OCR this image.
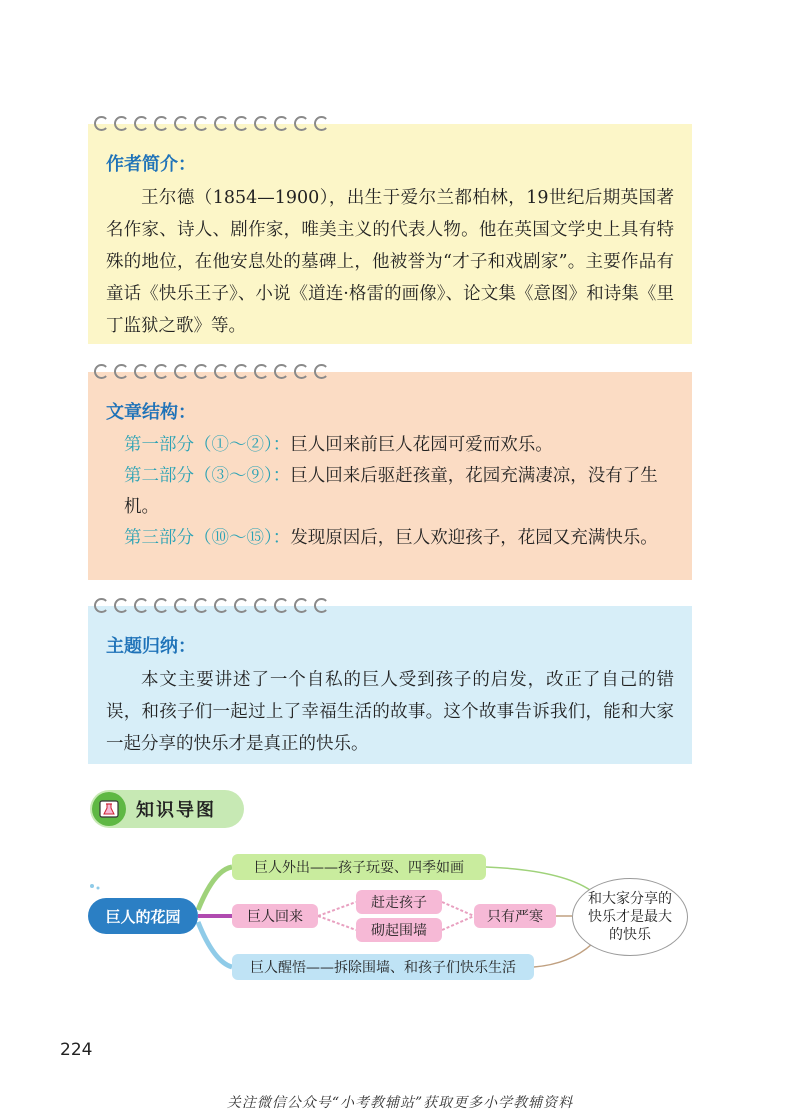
作者简介：
王尔德（1854—1900），出生于爱尔兰都柏林，19世纪后期英国著名作家、诗人、剧作家，唯美主义的代表人物。他在英国文学史上具有特殊的地位，在他安息处的墓碑上，他被誉为“才子和戏剧家”。主要作品有童话《快乐王子》、小说《道连·格雷的画像》、论文集《意图》和诗集《里丁监狱之歌》等。
文章结构：
第一部分（①～②）：巨人回来前巨人花园可爱而欢乐。
第二部分（③～⑨）：巨人回来后驱赶孩童，花园充满凄凉，没有了生机。
第三部分（⑩～⑮）：发现原因后，巨人欢迎孩子，花园又充满快乐。
主题归纳：
本文主要讲述了一个自私的巨人受到孩子的启发，改正了自己的错误，和孩子们一起过上了幸福生活的故事。这个故事告诉我们，能和大家一起分享的快乐才是真正的快乐。
知识导图
巨人的花园
巨人外出——孩子玩耍、四季如画
巨人回来
赶走孩子
砌起围墙
只有严寒
巨人醒悟——拆除围墙、和孩子们快乐生活
和大家分享的快乐才是最大的快乐
224
关注微信公众号“小考教辅站”获取更多小学教辅资料
